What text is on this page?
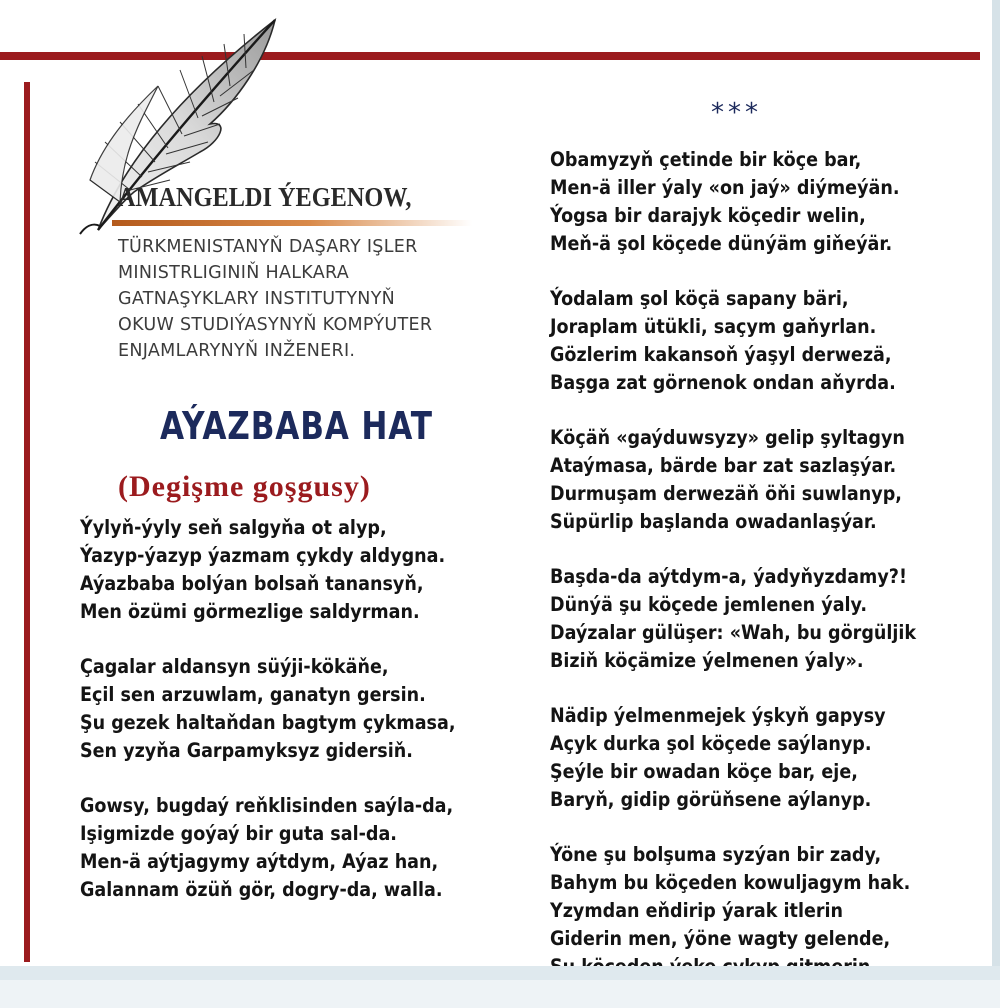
AMANGELDI ÝEGENOW,
TÜRKMENISTANYŇ DAŞARY IŞLER
MINISTRLIGINIŇ HALKARA
GATNAŞYKLARY INSTITUTYNYŇ
OKUW STUDIÝASYNYŇ KOMPÝUTER
ENJAMLARYNYŇ INŽENERI.
AÝAZBABA HAT
(Degişme goşgusy)
Ýylyň-ýyly seň salgyňa ot alyp,
Ýazyp-ýazyp ýazmam çykdy aldygna.
Aýazbaba bolýan bolsaň tanansyň,
Men özümi görmezlige saldyrman.
Çagalar aldansyn süýji-kökäňe,
Eçil sen arzuwlam, ganatyn gersin.
Şu gezek haltaňdan bagtym çykmasa,
Sen yzyňa Garpamyksyz gidersiň.
Gowsy, bugdaý reňklisinden saýla-da,
Işigmizde goýaý bir guta sal-da.
Men-ä aýtjagymy aýtdym, Aýaz han,
Galannam özüň gör, dogry-da, walla.
***
Obamyzyň çetinde bir köçe bar,
Men-ä iller ýaly «on jaý» diýmeýän.
Ýogsa bir darajyk köçedir welin,
Meň-ä şol köçede dünýäm giňeýär.
Ýodalam şol köçä sapany bäri,
Joraplam ütükli, saçym gaňyrlan.
Gözlerim kakansoň ýaşyl derwezä,
Başga zat görnenok ondan aňyrda.
Köçäň «gaýduwsyzy» gelip şyltagyn
Ataýmasa, bärde bar zat sazlaşýar.
Durmuşam derwezäň öňi suwlanyp,
Süpürlip başlanda owadanlaşýar.
Başda-da aýtdym-a, ýadyňyzdamy?!
Dünýä şu köçede jemlenen ýaly.
Daýzalar gülüşer: «Wah, bu görgüljik
Biziň köçämize ýelmenen ýaly».
Nädip ýelmenmejek ýşkyň gapysy
Açyk durka şol köçede saýlanyp.
Şeýle bir owadan köçe bar, eje,
Baryň, gidip görüňsene aýlanyp.
Ýöne şu bolşuma syzýan bir zady,
Bahym bu köçeden kowuljagym hak.
Yzymdan eňdirip ýarak itlerin
Giderin men, ýöne wagty gelende,
